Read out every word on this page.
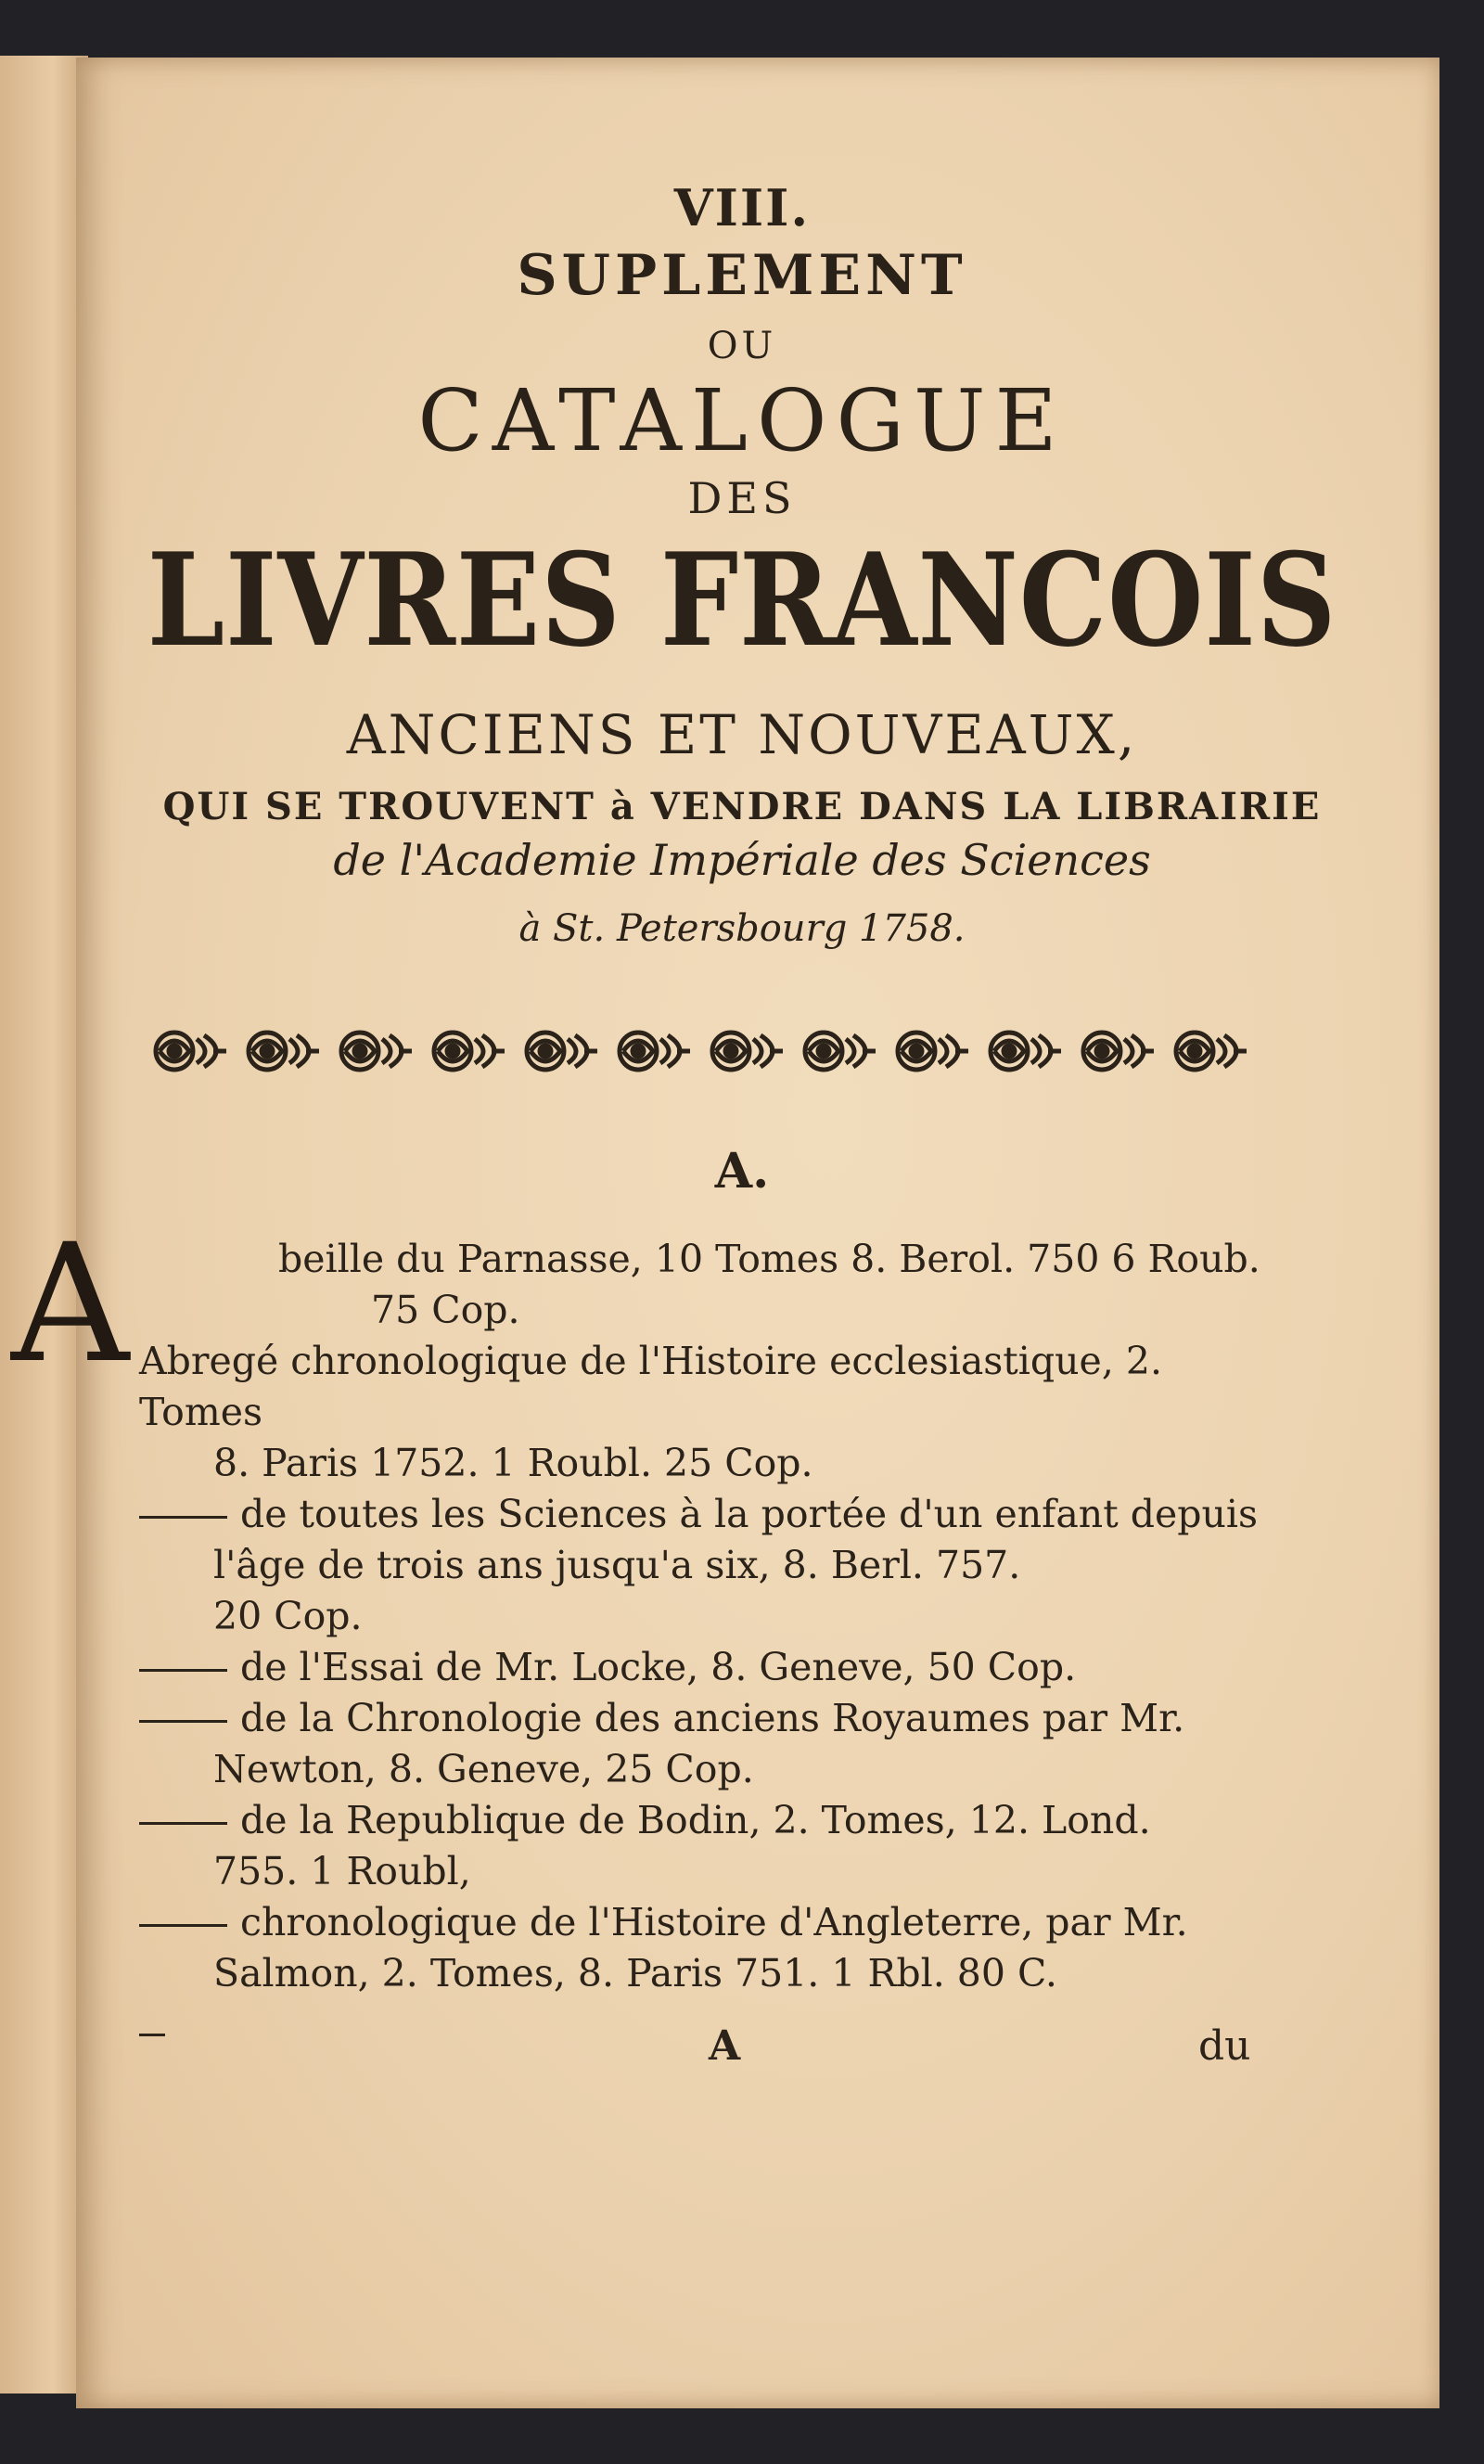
VIII.
SUPLEMENT
OU
CATALOGUE
DES
LIVRES FRANCOIS
ANCIENS ET NOUVEAUX,
QUI SE TROUVENT à VENDRE DANS LA LIBRAIRIE
de l'Academie Impériale des Sciences
à St. Petersbourg 1758.
A.
A	beille du Parnasse, 10 Tomes 8. Berol. 750 6 Roub.
75 Cop.

Abregé chronologique de l'Histoire ecclesiastique, 2. Tomes
8. Paris 1752. 1 Roubl. 25 Cop.

de toutes les Sciences à la portée d'un enfant depuis
l'âge de trois ans jusqu'a six, 8. Berl. 757.
20 Cop.

de l'Essai de Mr. Locke, 8. Geneve, 50 Cop.

de la Chronologie des anciens Royaumes par Mr.
Newton, 8. Geneve, 25 Cop.

de la Republique de Bodin, 2. Tomes, 12. Lond.
755. 1 Roubl,

chronologique de l'Histoire d'Angleterre, par Mr.
Salmon, 2. Tomes, 8. Paris 751. 1 Rbl. 80 C.

A	du
